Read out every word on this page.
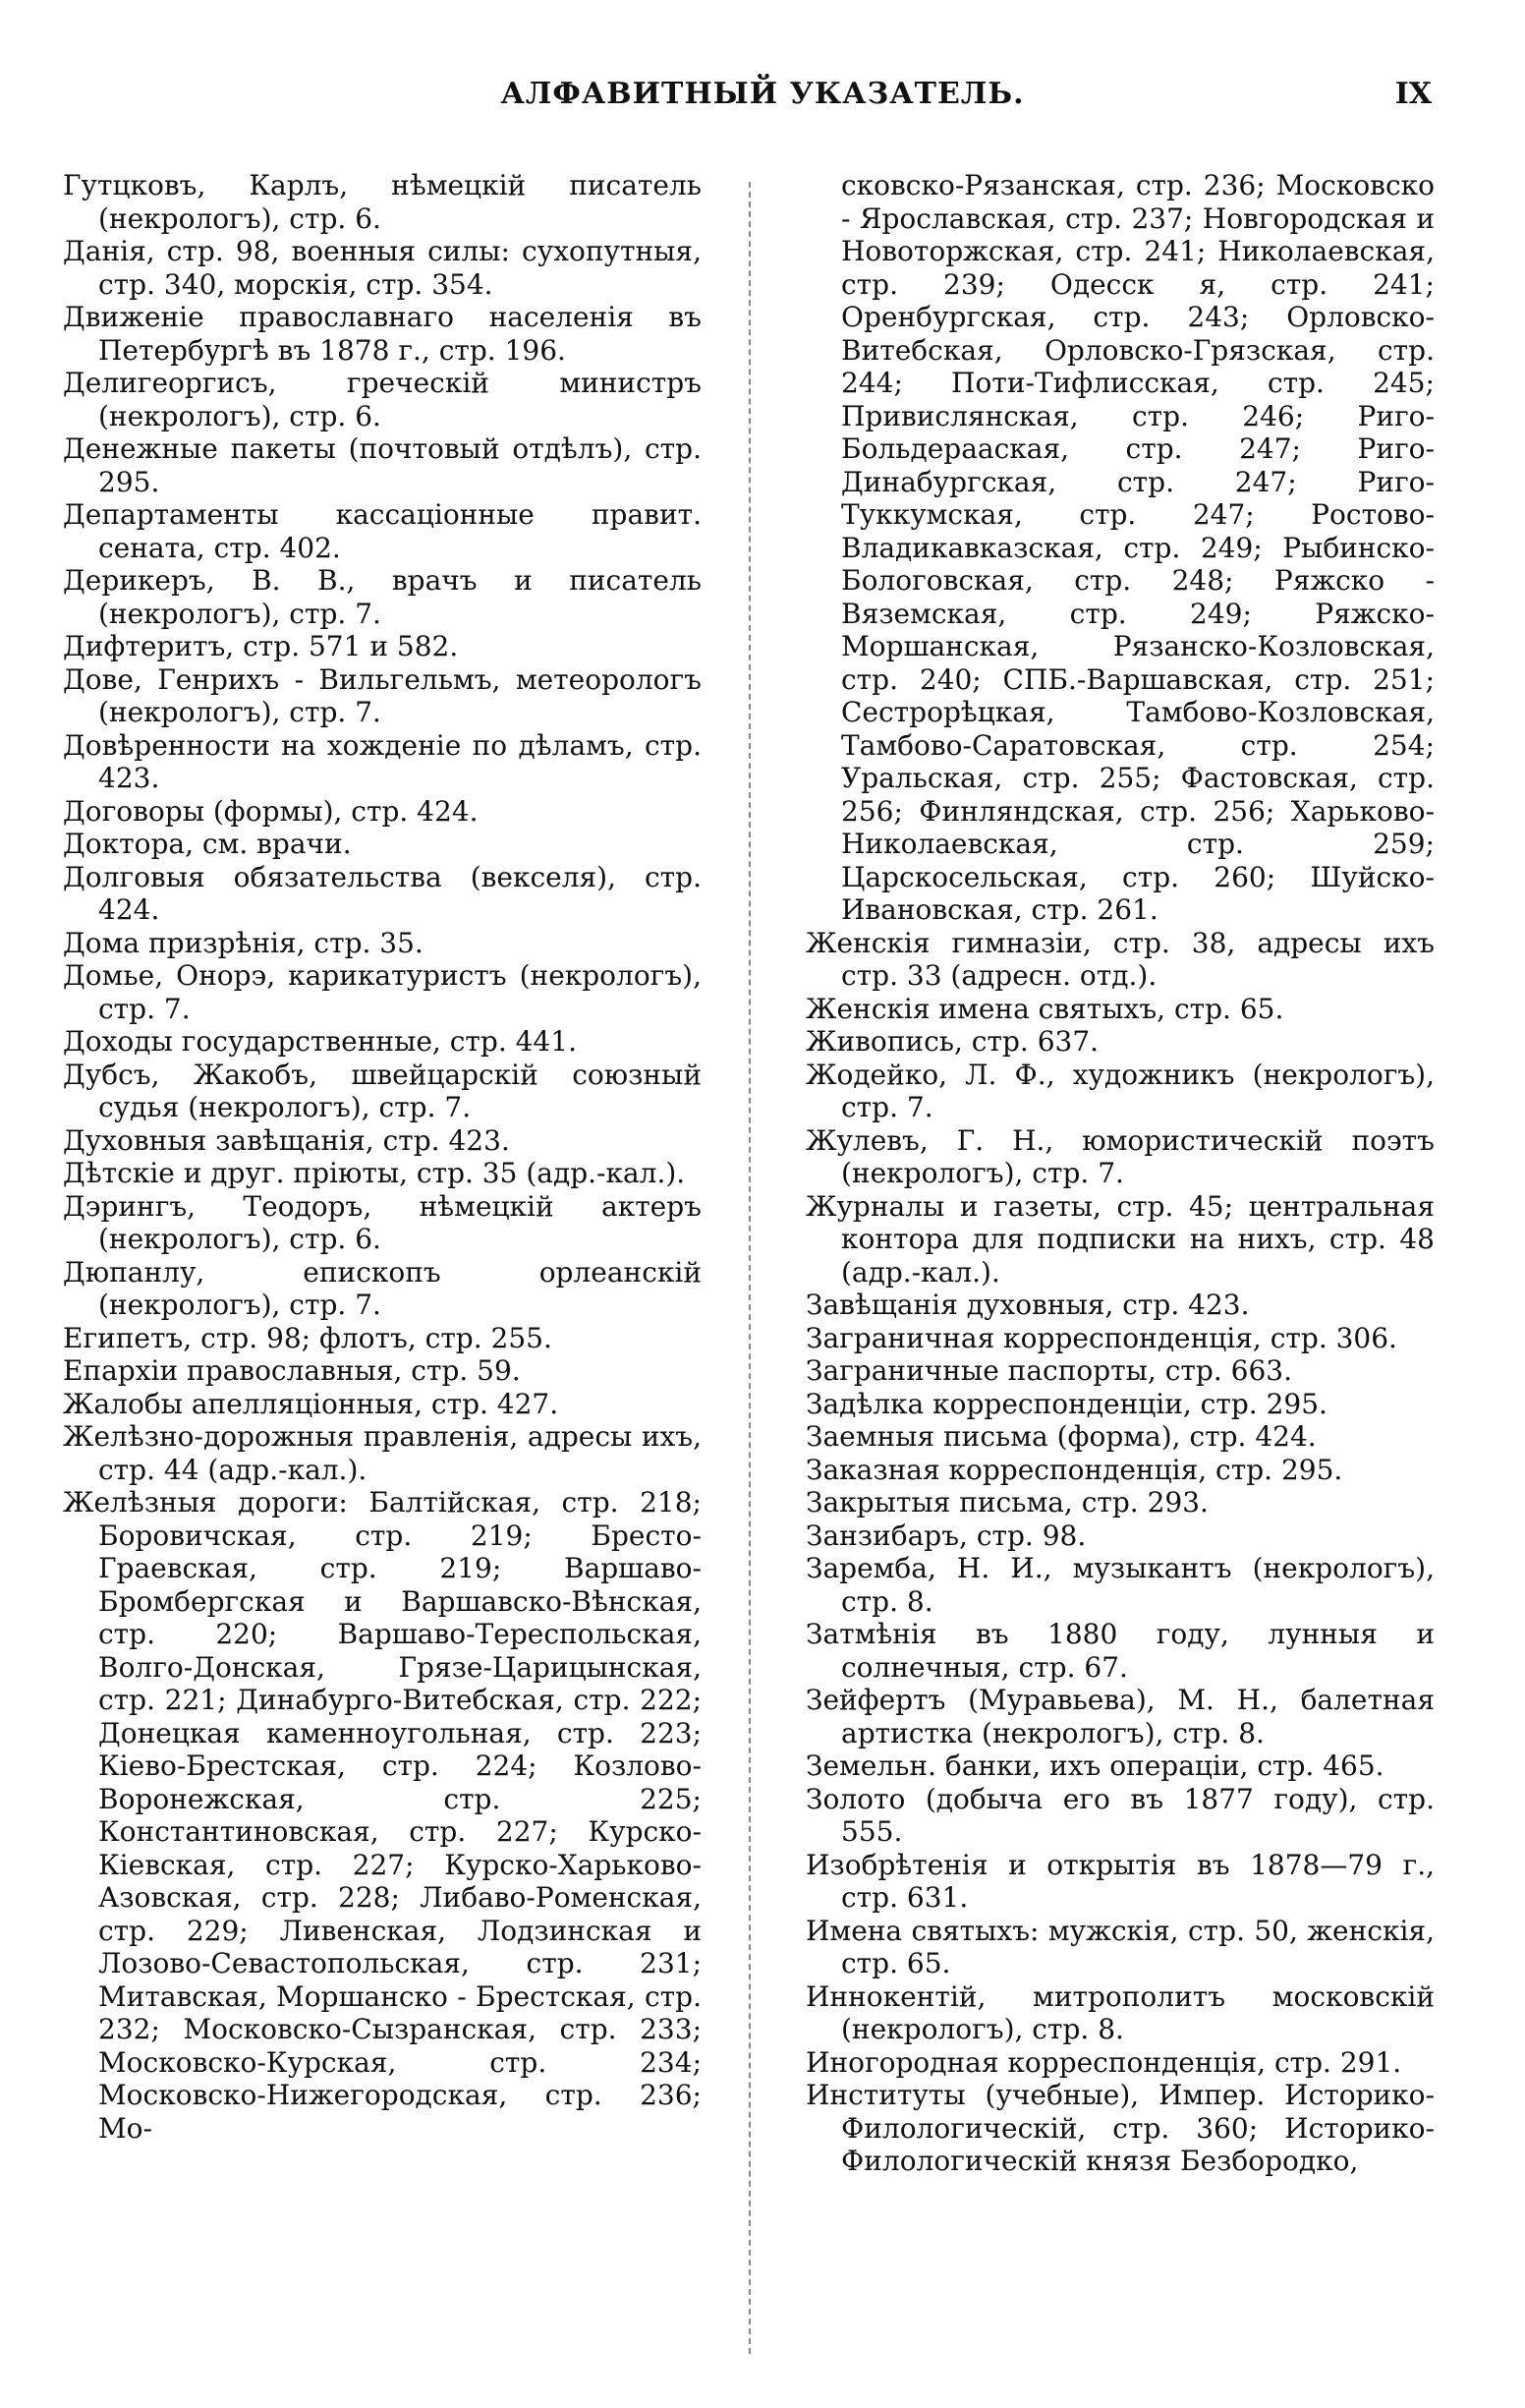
АЛФАВИТНЫЙ УКАЗАТЕЛЬ.	IX

Гутцковъ, Карлъ, нѣмецкій писатель (некрологъ), стр. 6.

Данія, стр. 98, военныя силы: сухопутныя, стр. 340, морскія, стр. 354.

Движеніе православнаго населенія въ Петербургѣ въ 1878 г., стр. 196.

Делигеоргисъ, греческій министръ (некрологъ), стр. 6.

Денежные пакеты (почтовый отдѣлъ), стр. 295.

Департаменты кассаціонные правит. сената, стр. 402.

Дерикеръ, В. В., врачъ и писатель (некрологъ), стр. 7.

Дифтеритъ, стр. 571 и 582.

Дове, Генрихъ - Вильгельмъ, метеорологъ (некрологъ), стр. 7.

Довѣренности на хожденіе по дѣламъ, стр. 423.

Договоры (формы), стр. 424.

Доктора, см. врачи.

Долговыя обязательства (векселя), стр. 424.

Дома призрѣнія, стр. 35.

Домье, Онорэ, карикатуристъ (некрологъ), стр. 7.

Доходы государственные, стр. 441.

Дубсъ, Жакобъ, швейцарскій союзный судья (некрологъ), стр. 7.

Духовныя завѣщанія, стр. 423.

Дѣтскіе и друг. пріюты, стр. 35 (адр.-кал.).

Дэрингъ, Теодоръ, нѣмецкій актеръ (некрологъ), стр. 6.

Дюпанлу, епископъ орлеанскій (некрологъ), стр. 7.

Египетъ, стр. 98; флотъ, стр. 255.

Епархіи православныя, стр. 59.

Жалобы апелляціонныя, стр. 427.

Желѣзно-дорожныя правленія, адресы ихъ, стр. 44 (адр.-кал.).

Желѣзныя дороги: Балтійская, стр. 218; Боровичская, стр. 219; Бресто-Граевская, стр. 219; Варшаво-Бромбергская и Варшавско-Вѣнская, стр. 220; Варшаво-Тереспольская, Волго-Донская, Грязе-Царицынская, стр. 221; Динабурго-Витебская, стр. 222; Донецкая каменноугольная, стр. 223; Кіево-Брестская, стр. 224; Козлово-Воронежская, стр. 225; Константиновская, стр. 227; Курско-Кіевская, стр. 227; Курско-Харьково-Азовская, стр. 228; Либаво-Роменская, стр. 229; Ливенская, Лодзинская и Лозово-Севастопольская, стр. 231; Митавская, Моршанско - Брестская, стр. 232; Московско-Сызранская, стр. 233; Московско-Курская, стр. 234; Московско-Нижегородская, стр. 236; Мо-

сковско-Рязанская, стр. 236; Московско - Ярославская, стр. 237; Новгородская и Новоторжская, стр. 241; Николаевская, стр. 239; Одесск я, стр. 241; Оренбургская, стр. 243; Орловско-Витебская, Орловско-Грязская, стр. 244; Поти-Тифлисская, стр. 245; Привислянская, стр. 246; Риго-Больдерааская, стр. 247; Риго-Динабургская, стр. 247; Риго-Туккумская, стр. 247; Ростово-Владикавказская, стр. 249; Рыбинско-Бологовская, стр. 248; Ряжско - Вяземская, стр. 249; Ряжско-Моршанская, Рязанско-Козловская, стр. 240; СПБ.-Варшавская, стр. 251; Сестрорѣцкая, Тамбово-Козловская, Тамбово-Саратовская, стр. 254; Уральская, стр. 255; Фастовская, стр. 256; Финляндская, стр. 256; Харьково-Николаевская, стр. 259; Царскосельская, стр. 260; Шуйско-Ивановская, стр. 261.

Женскія гимназіи, стр. 38, адресы ихъ стр. 33 (адресн. отд.).

Женскія имена святыхъ, стр. 65.

Живопись, стр. 637.

Жодейко, Л. Ф., художникъ (некрологъ), стр. 7.

Жулевъ, Г. Н., юмористическій поэтъ (некрологъ), стр. 7.

Журналы и газеты, стр. 45; центральная контора для подписки на нихъ, стр. 48 (адр.-кал.).

Завѣщанія духовныя, стр. 423.

Заграничная корреспонденція, стр. 306.

Заграничные паспорты, стр. 663.

Задѣлка корреспонденціи, стр. 295.

Заемныя письма (форма), стр. 424.

Заказная корреспонденція, стр. 295.

Закрытыя письма, стр. 293.

Занзибаръ, стр. 98.

Заремба, Н. И., музыкантъ (некрологъ), стр. 8.

Затмѣнія въ 1880 году, лунныя и солнечныя, стр. 67.

Зейфертъ (Муравьева), М. Н., балетная артистка (некрологъ), стр. 8.

Земельн. банки, ихъ операціи, стр. 465.

Золото (добыча его въ 1877 году), стр. 555.

Изобрѣтенія и открытія въ 1878—79 г., стр. 631.

Имена святыхъ: мужскія, стр. 50, женскія, стр. 65.

Иннокентій, митрополитъ московскій (некрологъ), стр. 8.

Иногородная корреспонденція, стр. 291.

Институты (учебные), Импер. Историко-Филологическій, стр. 360; Историко-Филологическій князя Безбородко,
